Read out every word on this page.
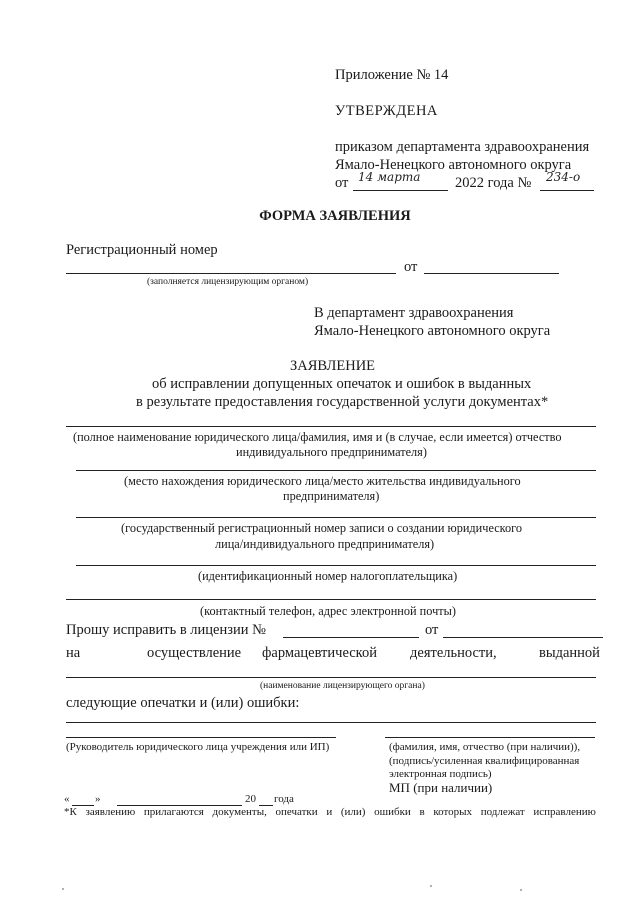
Приложение № 14
УТВЕРЖДЕНА
приказом департамента здравоохранения
Ямало-Ненецкого автономного округа
от 14 марта 2022 года № 234-о
ФОРМА ЗАЯВЛЕНИЯ
Регистрационный номер
от
(заполняется лицензирующим органом)
В департамент здравоохранения
Ямало-Ненецкого автономного округа
ЗАЯВЛЕНИЕ
об исправлении допущенных опечаток и ошибок в выданных
в результате предоставления государственной услуги документах*
(полное наименование юридического лица/фамилия, имя и (в случае, если имеется) отчество
индивидуального предпринимателя)
(место нахождения юридического лица/место жительства индивидуального
предпринимателя)
(государственный регистрационный номер записи о создании юридического
лица/индивидуального предпринимателя)
(идентификационный номер налогоплательщика)
(контактный телефон, адрес электронной почты)
Прошу исправить в лицензии №	от
на	осуществление фармацевтической деятельности,	выданной
(наименование лицензирующего органа)
следующие опечатки и (или) ошибки:
(Руководитель юридического лица учреждения или ИП)	(фамилия, имя, отчество (при наличии)),
(подпись/усиленная квалифицированная
электронная подпись)
МП (при наличии)
« »	20 года
*К заявлению прилагаются документы, опечатки и (или) ошибки в которых подлежат исправлению
